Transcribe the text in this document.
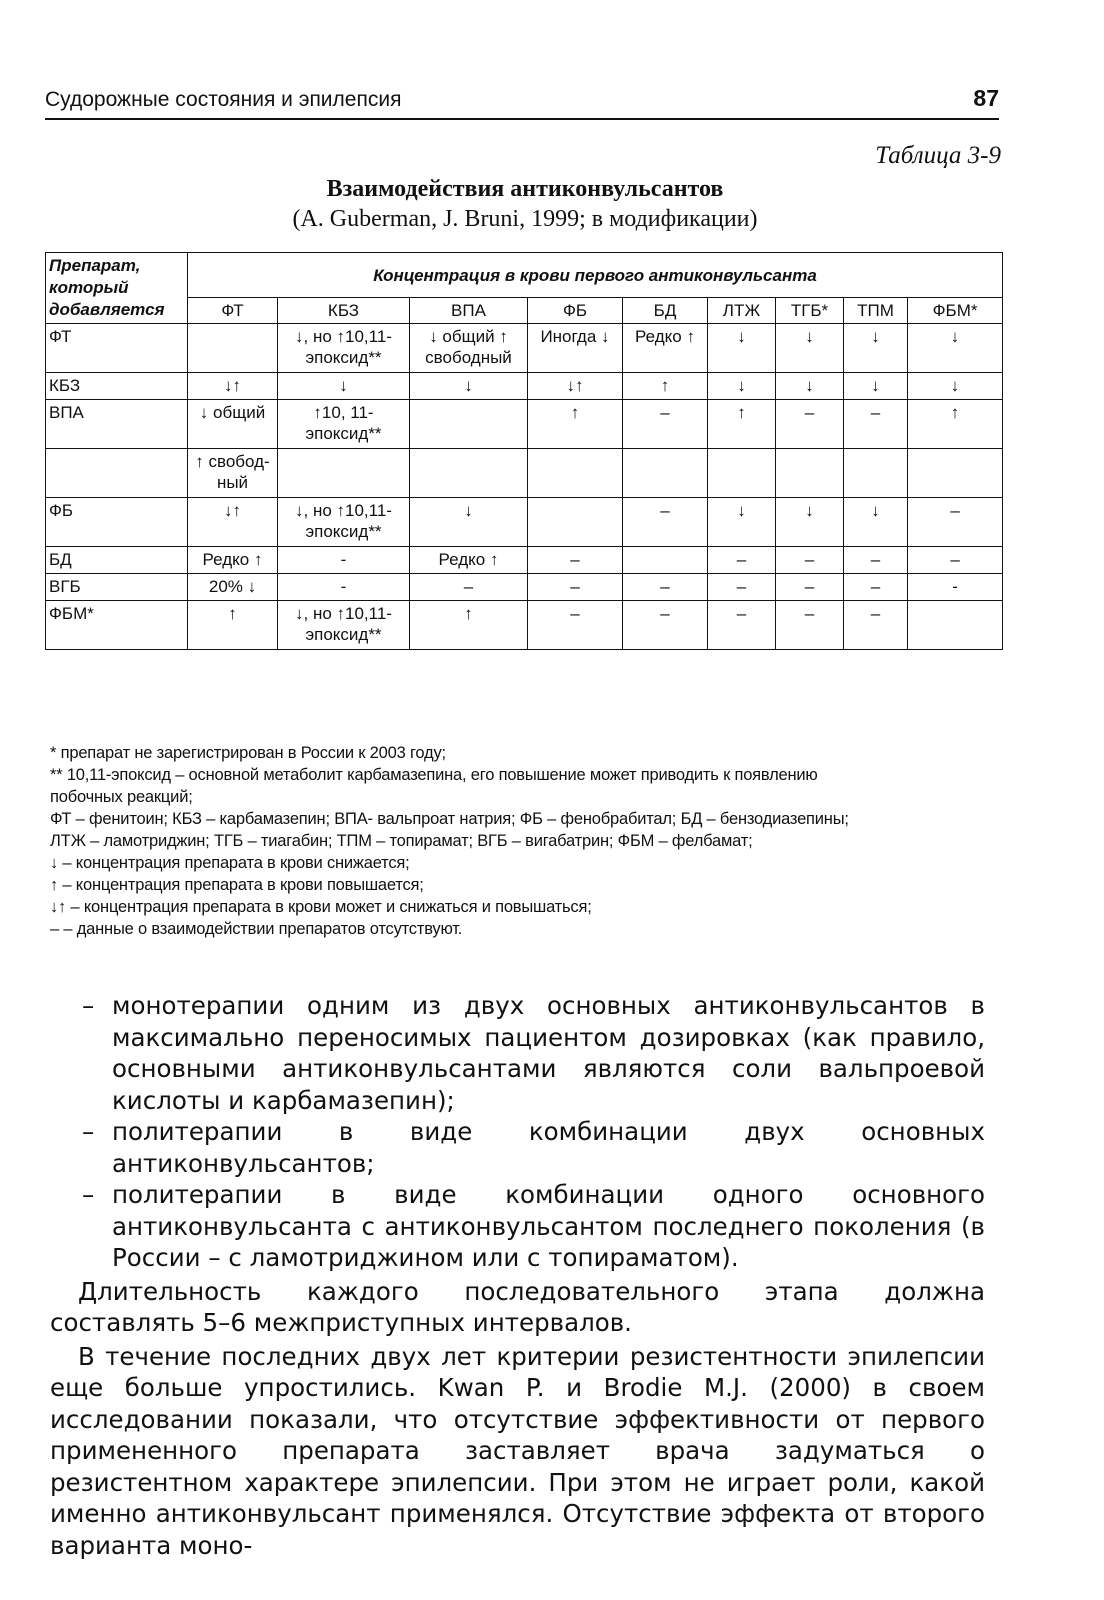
Судорожные состояния и эпилепсия	87
Таблица 3-9
Взаимодействия антиконвульсантов
(A. Guberman, J. Bruni, 1999; в модификации)
Препарат,
который
добавляется	Концентрация в крови первого антиконвульсанта								
	ФТ	КБЗ	ВПА	ФБ	БД	ЛТЖ	ТГБ*	ТПМ	ФБМ*
ФТ		↓, но ↑10,11-эпоксид**	↓ общий ↑ свободный	Иногда ↓	Редко ↑	↓	↓	↓	↓
КБЗ	↓↑	↓	↓	↓↑	↑	↓	↓	↓	↓
ВПА	↓ общий	↑10, 11-эпоксид**		↑	–	↑	–	–	↑
	↑ свобод-ный								
ФБ	↓↑	↓, но ↑10,11-эпоксид**	↓		–	↓	↓	↓	–
БД	Редко ↑	-	Редко ↑	–		–	–	–	–
ВГБ	20% ↓	-	–	–	–	–	–	–	-
ФБМ*	↑	↓, но ↑10,11-эпоксид**	↑	–	–	–	–	–	
* препарат не зарегистрирован в России к 2003 году;
** 10,11-эпоксид – основной метаболит карбамазепина, его повышение может приводить к появлению
побочных реакций;
ФТ – фенитоин; КБЗ – карбамазепин; ВПА- вальпроат натрия; ФБ – фенобрабитал; БД – бензодиазепины;
ЛТЖ – ламотриджин; ТГБ – тиагабин; ТПМ – топирамат; ВГБ – вигабатрин; ФБМ – фелбамат;
↓ – концентрация препарата в крови снижается;
↑ – концентрация препарата в крови повышается;
↓↑ – концентрация препарата в крови может и снижаться и повышаться;
– – данные о взаимодействии препаратов отсутствуют.
– монотерапии одним из двух основных антиконвульсантов в максимально переносимых пациентом дозировках (как правило, основными антиконвульсантами являются соли вальпроевой кислоты и карбамазепин);
– политерапии в виде комбинации двух основных антиконвульсантов;
– политерапии в виде комбинации одного основного антиконвульсанта с антиконвульсантом последнего поколения (в России – с ламотриджином или с топираматом).
Длительность каждого последовательного этапа должна составлять 5–6 межприступных интервалов.
В течение последних двух лет критерии резистентности эпилепсии еще больше упростились. Kwan P. и Brodie M.J. (2000) в своем исследовании показали, что отсутствие эффективности от первого примененного препарата заставляет врача задуматься о резистентном характере эпилепсии. При этом не играет роли, какой именно антиконвульсант применялся. Отсутствие эффекта от второго варианта моно-
